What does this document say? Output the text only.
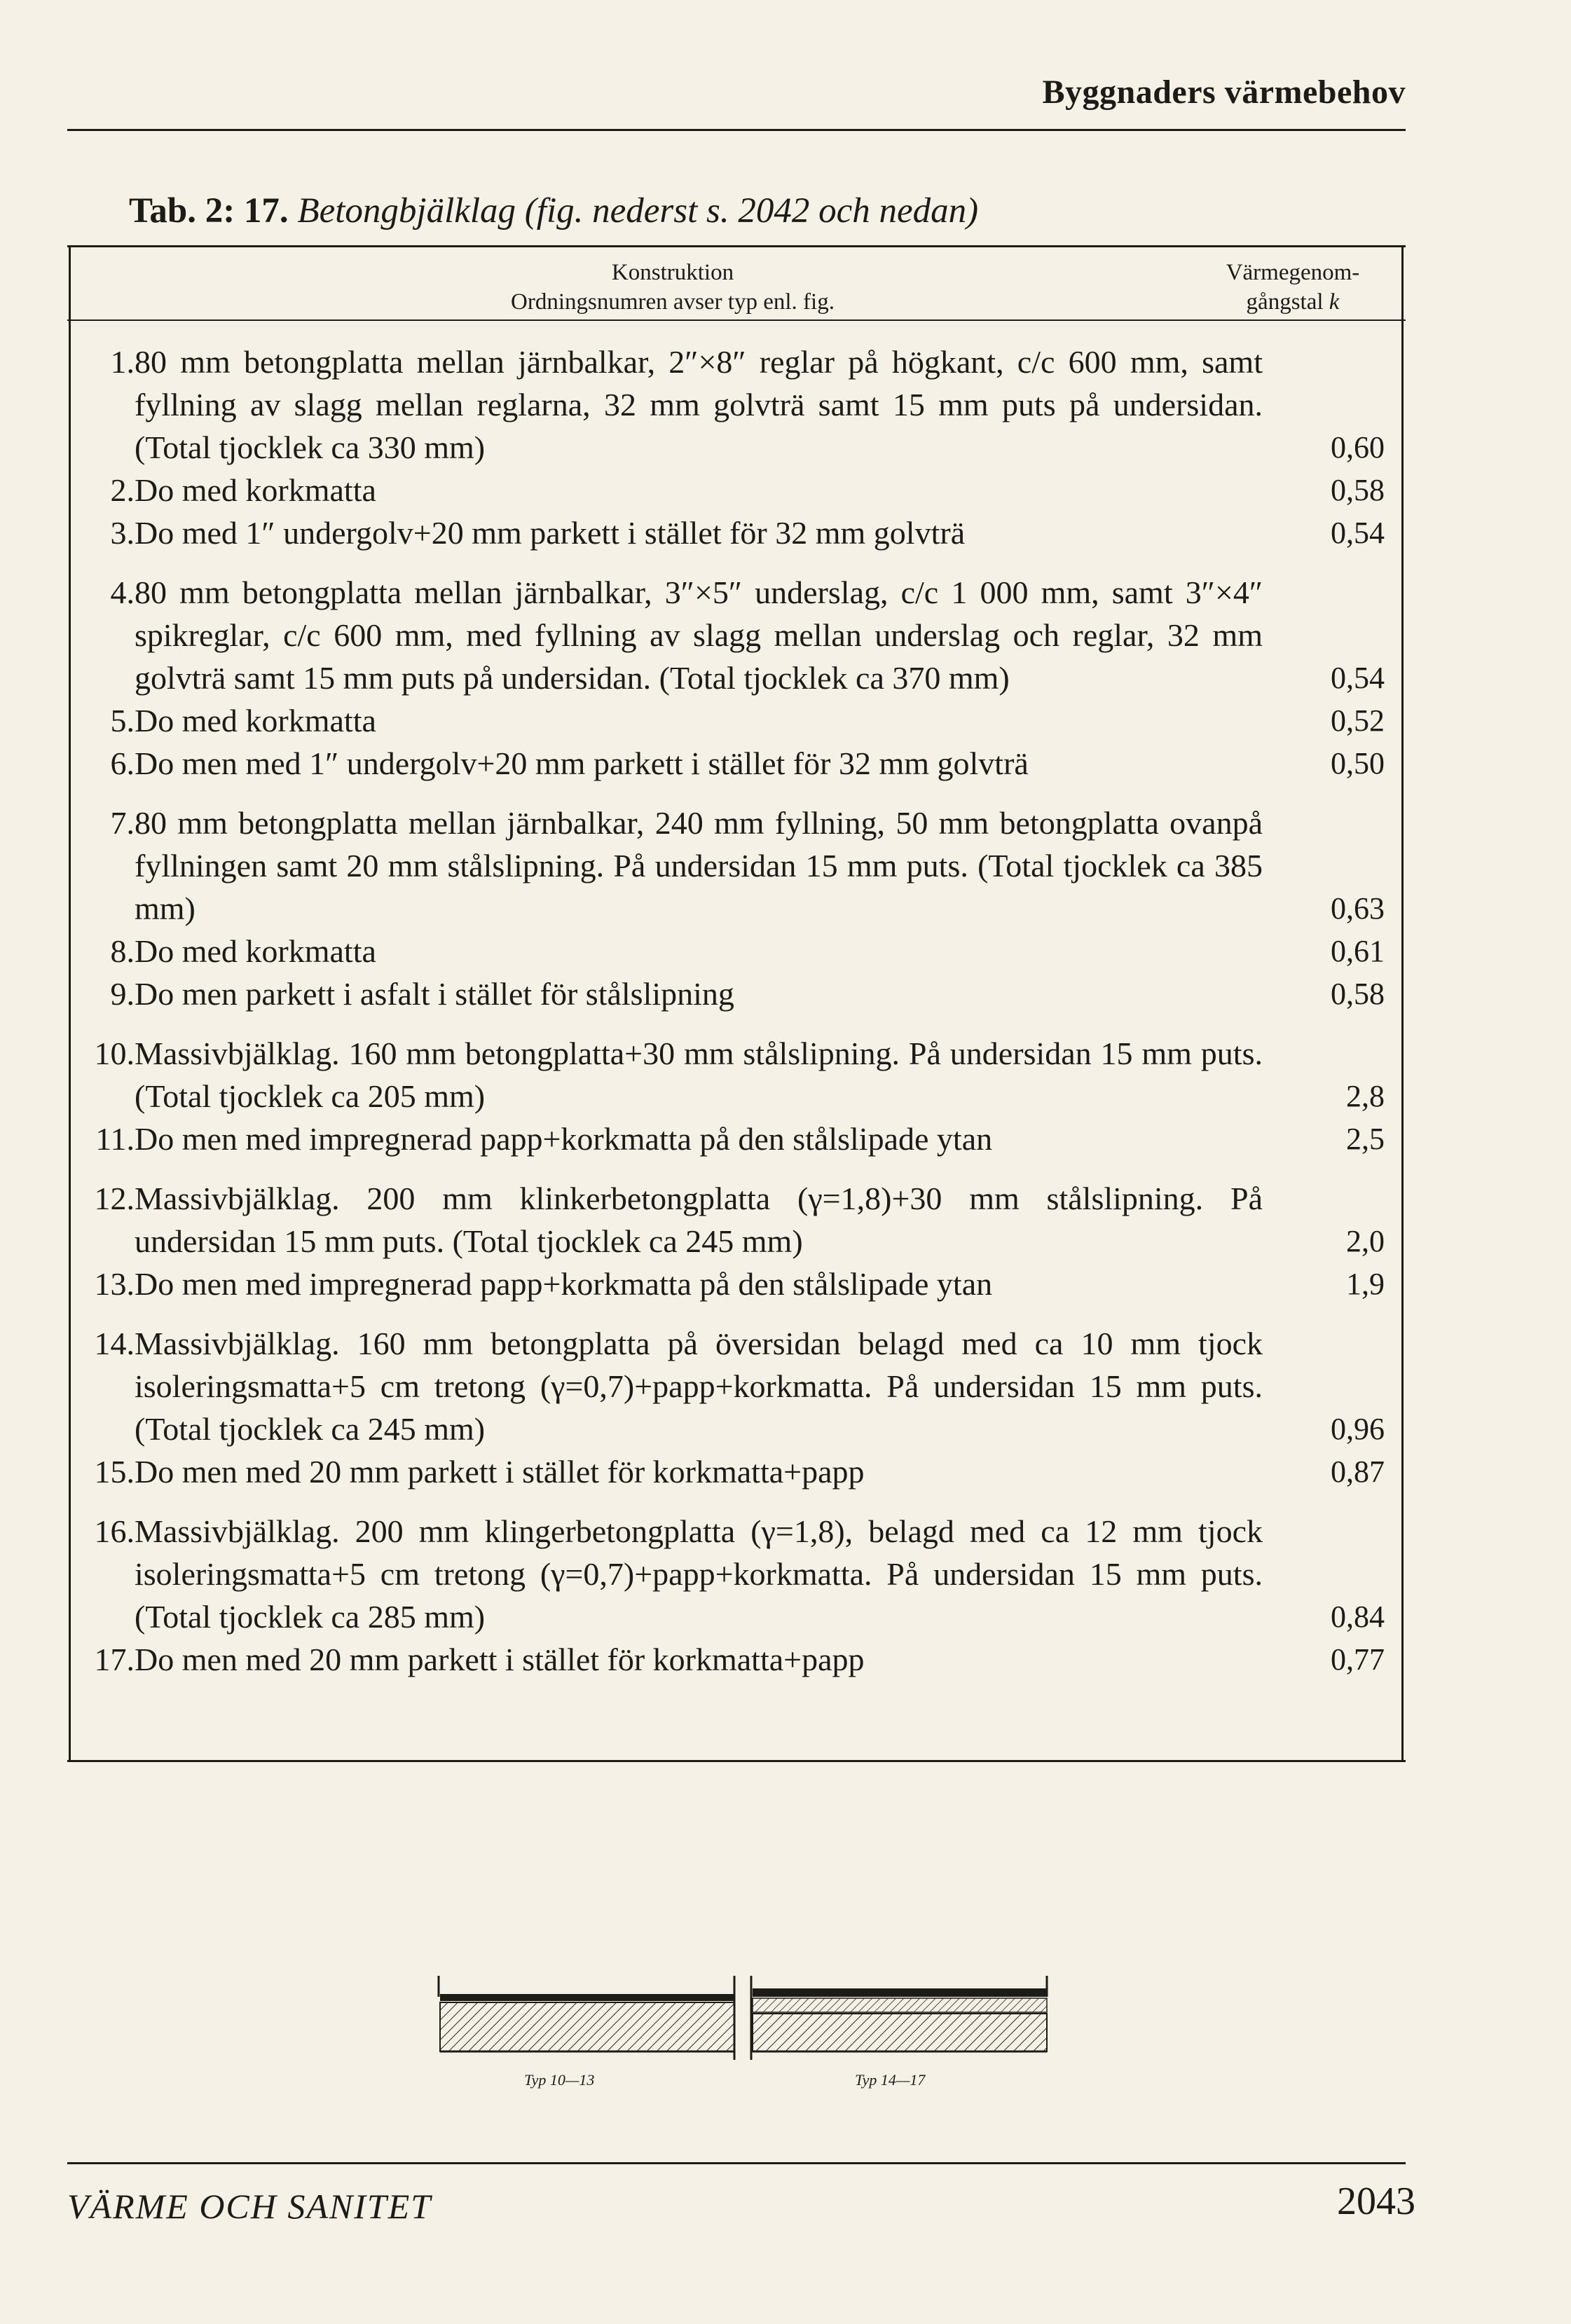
Byggnaders värmebehov
Tab. 2: 17. Betongbjälklag (fig. nederst s. 2042 och nedan)
Konstruktion
Ordningsnumren avser typ enl. fig.
Värmegenom-
gångstal k
1. 80 mm betongplatta mellan järnbalkar, 2″×8″ reglar på högkant, c/c 600 mm, samt fyllning av slagg mellan reglarna, 32 mm golvträ samt 15 mm puts på undersidan. (Total tjocklek ca 330 mm)	0,60
2. Do med korkmatta	0,58
3. Do med 1″ undergolv+20 mm parkett i stället för 32 mm golvträ	0,54
4. 80 mm betongplatta mellan järnbalkar, 3″×5″ underslag, c/c 1 000 mm, samt 3″×4″ spikreglar, c/c 600 mm, med fyllning av slagg mellan underslag och reglar, 32 mm golvträ samt 15 mm puts på undersidan. (Total tjocklek ca 370 mm)	0,54
5. Do med korkmatta	0,52
6. Do men med 1″ undergolv+20 mm parkett i stället för 32 mm golvträ	0,50
7. 80 mm betongplatta mellan järnbalkar, 240 mm fyllning, 50 mm betongplatta ovanpå fyllningen samt 20 mm stålslipning. På undersidan 15 mm puts. (Total tjocklek ca 385 mm)	0,63
8. Do med korkmatta	0,61
9. Do men parkett i asfalt i stället för stålslipning	0,58
10. Massivbjälklag. 160 mm betongplatta+30 mm stålslipning. På undersidan 15 mm puts. (Total tjocklek ca 205 mm)	2,8
11. Do men med impregnerad papp+korkmatta på den stålslipade ytan	2,5
12. Massivbjälklag. 200 mm klinkerbetongplatta (γ=1,8)+30 mm stålslipning. På undersidan 15 mm puts. (Total tjocklek ca 245 mm)	2,0
13. Do men med impregnerad papp+korkmatta på den stålslipade ytan	1,9
14. Massivbjälklag. 160 mm betongplatta på översidan belagd med ca 10 mm tjock isoleringsmatta+5 cm tretong (γ=0,7)+papp+korkmatta. På undersidan 15 mm puts. (Total tjocklek ca 245 mm)	0,96
15. Do men med 20 mm parkett i stället för korkmatta+papp	0,87
16. Massivbjälklag. 200 mm klingerbetongplatta (γ=1,8), belagd med ca 12 mm tjock isoleringsmatta+5 cm tretong (γ=0,7)+papp+korkmatta. På undersidan 15 mm puts. (Total tjocklek ca 285 mm)	0,84
17. Do men med 20 mm parkett i stället för korkmatta+papp	0,77
Typ 10—13	Typ 14—17
VÄRME OCH SANITET	2043
